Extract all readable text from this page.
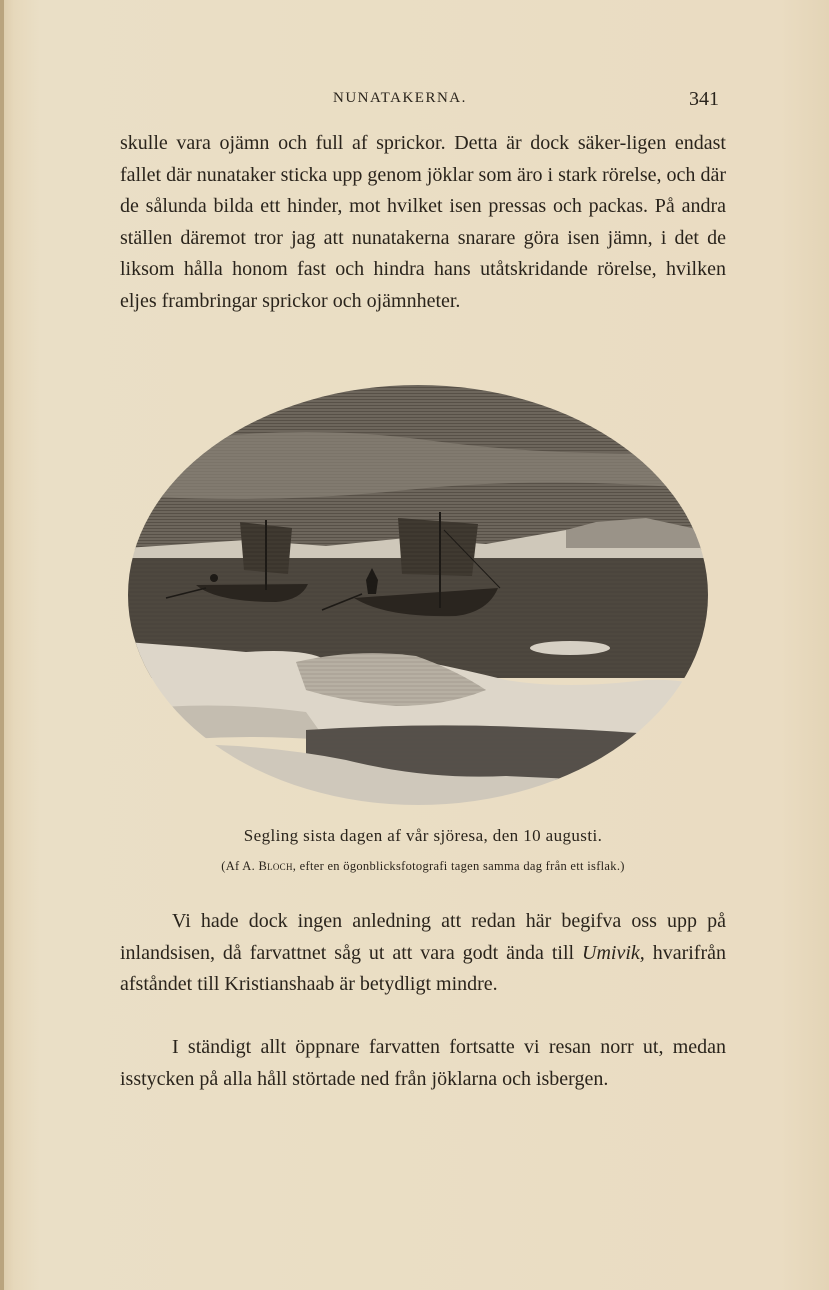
NUNATAKERNA.	341

skulle vara ojämn och full af sprickor. Detta är dock säker-ligen endast fallet där nunataker sticka upp genom jöklar som äro i stark rörelse, och där de sålunda bilda ett hinder, mot hvilket isen pressas och packas. På andra ställen däremot tror jag att nunatakerna snarare göra isen jämn, i det de liksom hålla honom fast och hindra hans utåtskridande rörelse, hvilken eljes frambringar sprickor och ojämnheter.

Segling sista dagen af vår sjöresa, den 10 augusti.

(Af A. Bloch, efter en ögonblicksfotografi tagen samma dag från ett isflak.)

Vi hade dock ingen anledning att redan här begifva oss upp på inlandsisen, då farvattnet såg ut att vara godt ända till Umivik, hvarifrån afståndet till Kristianshaab är betydligt mindre.

I ständigt allt öppnare farvatten fortsatte vi resan norr ut, medan isstycken på alla håll störtade ned från jöklarna och isbergen.
